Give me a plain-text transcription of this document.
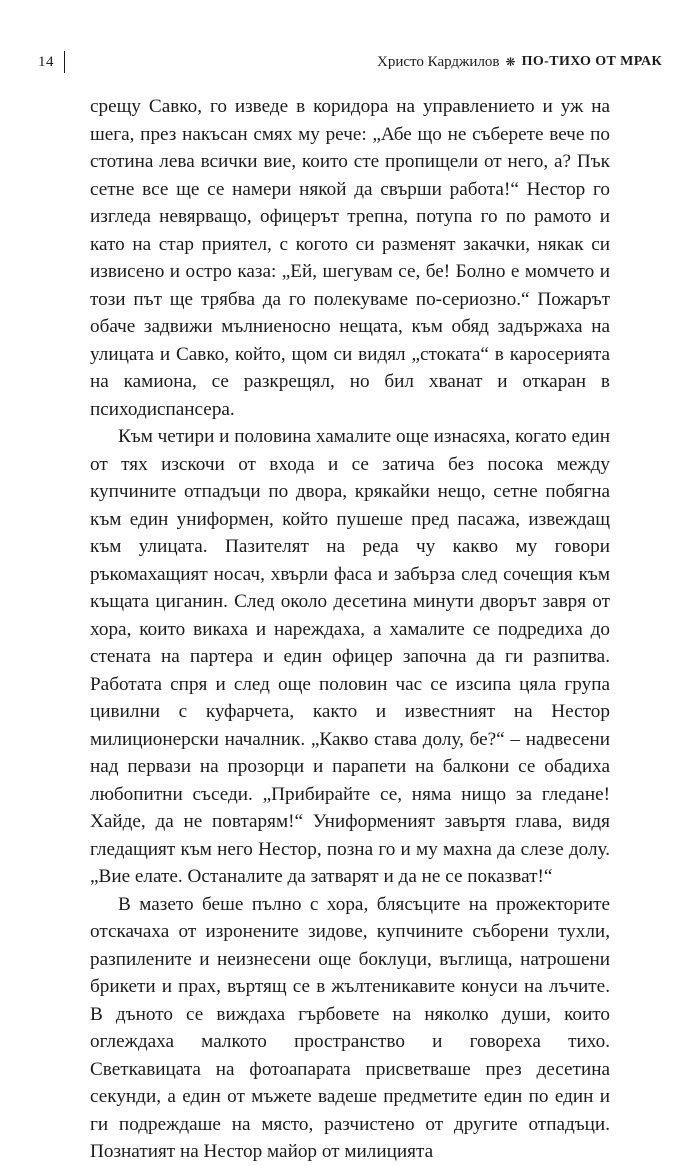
14	Христо Карджилов ❋ ПО-ТИХО ОТ МРАК

срещу Савко, го изведе в коридора на управлението и уж на шега, през накъсан смях му рече: „Абе що не съберете вече по стотина лева всички вие, които сте пропищели от него, а? Пък сетне все ще се намери някой да свърши работа!“ Нестор го изгледа невярващо, офицерът трепна, потупа го по рамото и като на стар приятел, с когото си разменят закачки, някак си извисено и остро каза: „Ей, шегувам се, бе! Болно е момчето и този път ще трябва да го полекуваме по-сериозно.“ Пожарът обаче задвижи мълниеносно нещата, към обяд задържаха на улицата и Савко, който, щом си видял „стоката“ в каросерията на камиона, се разкрещял, но бил хванат и откаран в психодиспансера.

Към четири и половина хамалите още изнасяха, когато един от тях изскочи от входа и се затича без посока между купчините отпадъци по двора, крякайки нещо, сетне побягна към един униформен, който пушеше пред пасажа, извеждащ към улицата. Пазителят на реда чу какво му говори ръкомахащият носач, хвърли фаса и забърза след сочещия към къщата циганин. След около десетина минути дворът завря от хора, които викаха и нареждаха, а хамалите се подредиха до стената на партера и един офицер започна да ги разпитва. Работата спря и след още половин час се изсипа цяла група цивилни с куфарчета, както и известният на Нестор милиционерски началник. „Какво става долу, бе?“ – надвесени над первази на прозорци и парапети на балкони се обадиха любопитни съседи. „Прибирайте се, няма нищо за гледане! Хайде, да не повтарям!“ Униформеният завъртя глава, видя гледащият към него Нестор, позна го и му махна да слезе долу. „Вие елате. Останалите да затварят и да не се показват!“

В мазето беше пълно с хора, блясъците на прожекторите отскачаха от изронените зидове, купчините съборени тухли, разпилените и неизнесени още боклуци, въглища, натрошени брикети и прах, въртящ се в жълтеникавите конуси на лъчите. В дъното се виждаха гърбовете на няколко души, които оглеждаха малкото пространство и говореха тихо. Светкавицата на фотоапарата присветваше през десетина секунди, а един от мъжете вадеше предметите един по един и ги подреждаше на място, разчистено от другите отпадъци. Познатият на Нестор майор от милицията
